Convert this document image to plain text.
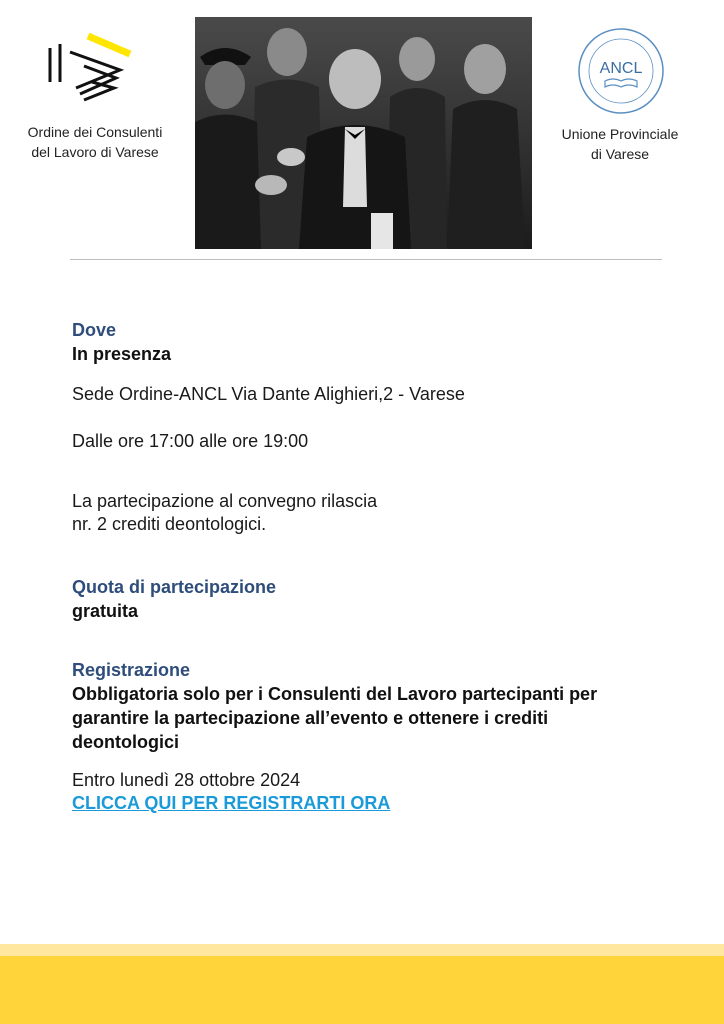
Ordine dei Consulenti
del Lavoro di Varese
ANCL
Unione Provinciale
di Varese
Dove
In presenza
Sede Ordine-ANCL Via Dante Alighieri,2 - Varese
Dalle ore 17:00 alle ore 19:00
La partecipazione al convegno rilascia
nr. 2 crediti deontologici.
Quota di partecipazione
gratuita
Registrazione
Obbligatoria solo per i Consulenti del Lavoro partecipanti per
garantire la partecipazione all’evento e ottenere i crediti
deontologici
Entro lunedì 28 ottobre 2024
CLICCA QUI PER REGISTRARTI ORA
